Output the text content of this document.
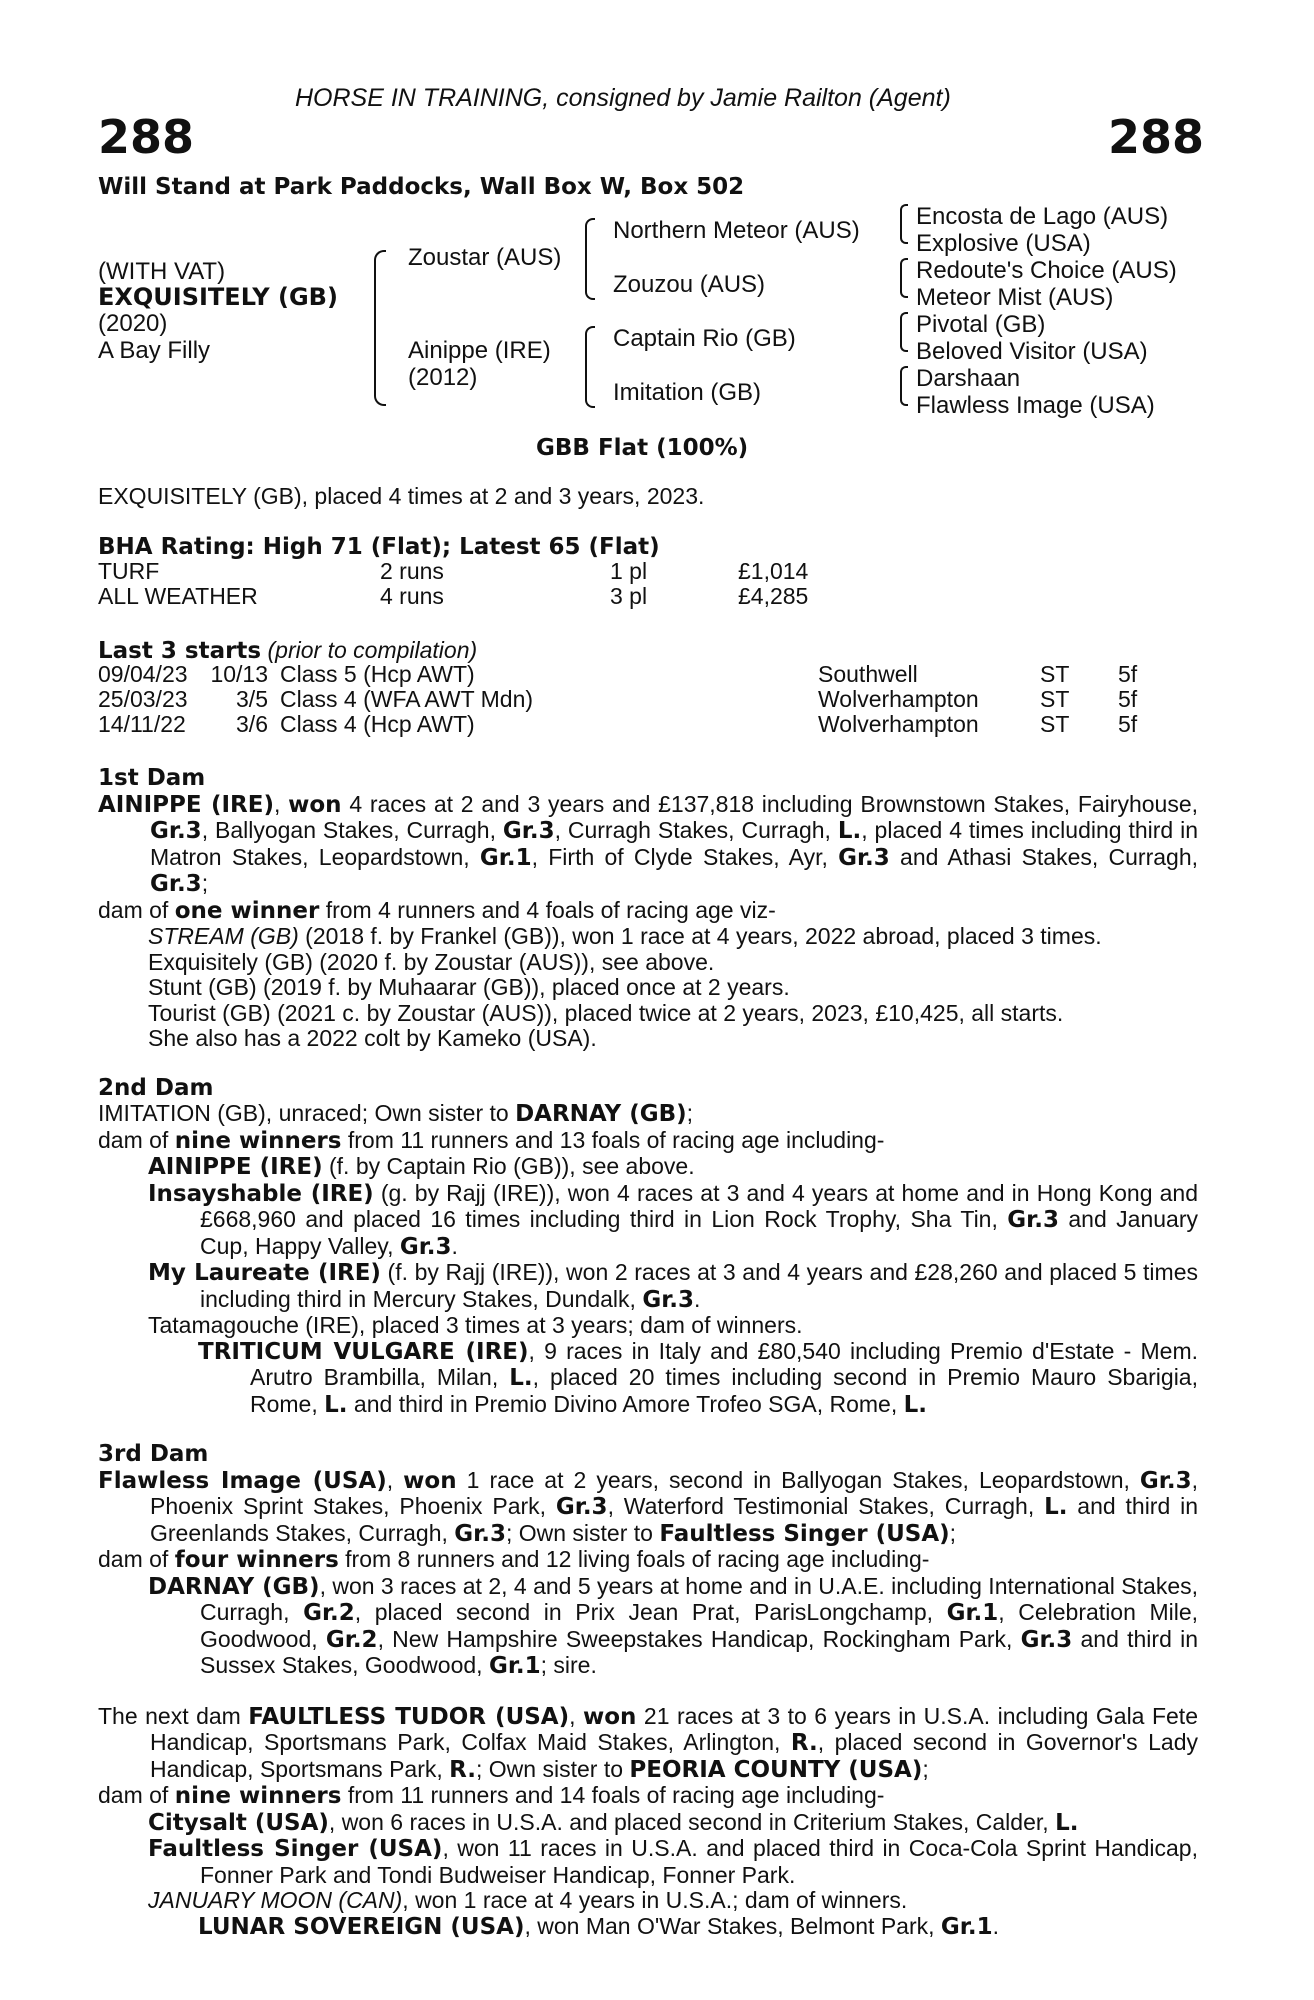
HORSE IN TRAINING, consigned by Jamie Railton (Agent)
288	288
Will Stand at Park Paddocks, Wall Box W, Box 502
(WITH VAT)
EXQUISITELY (GB)
(2020)
A Bay Filly
Zoustar (AUS)
Ainippe (IRE)
(2012)
Northern Meteor (AUS)
Zouzou (AUS)
Captain Rio (GB)
Imitation (GB)
Encosta de Lago (AUS)
Explosive (USA)
Redoute's Choice (AUS)
Meteor Mist (AUS)
Pivotal (GB)
Beloved Visitor (USA)
Darshaan
Flawless Image (USA)
GBB Flat (100%)
EXQUISITELY (GB), placed 4 times at 2 and 3 years, 2023.
BHA Rating: High 71 (Flat); Latest 65 (Flat)
TURF	2 runs	1 pl	£1,014
ALL WEATHER	4 runs	3 pl	£4,285
Last 3 starts (prior to compilation)
09/04/23	10/13	Class 5 (Hcp AWT)	Southwell	ST	5f
25/03/23	3/5	Class 4 (WFA AWT Mdn)	Wolverhampton	ST	5f
14/11/22	3/6	Class 4 (Hcp AWT)	Wolverhampton	ST	5f
1st Dam
AINIPPE (IRE), won 4 races at 2 and 3 years and £137,818 including Brownstown Stakes, Fairyhouse, Gr.3, Ballyogan Stakes, Curragh, Gr.3, Curragh Stakes, Curragh, L., placed 4 times including third in Matron Stakes, Leopardstown, Gr.1, Firth of Clyde Stakes, Ayr, Gr.3 and Athasi Stakes, Curragh, Gr.3;
dam of one winner from 4 runners and 4 foals of racing age viz-
STREAM (GB) (2018 f. by Frankel (GB)), won 1 race at 4 years, 2022 abroad, placed 3 times.
Exquisitely (GB) (2020 f. by Zoustar (AUS)), see above.
Stunt (GB) (2019 f. by Muhaarar (GB)), placed once at 2 years.
Tourist (GB) (2021 c. by Zoustar (AUS)), placed twice at 2 years, 2023, £10,425, all starts.
She also has a 2022 colt by Kameko (USA).
2nd Dam
IMITATION (GB), unraced; Own sister to DARNAY (GB);
dam of nine winners from 11 runners and 13 foals of racing age including-
AINIPPE (IRE) (f. by Captain Rio (GB)), see above.
Insayshable (IRE) (g. by Rajj (IRE)), won 4 races at 3 and 4 years at home and in Hong Kong and £668,960 and placed 16 times including third in Lion Rock Trophy, Sha Tin, Gr.3 and January Cup, Happy Valley, Gr.3.
My Laureate (IRE) (f. by Rajj (IRE)), won 2 races at 3 and 4 years and £28,260 and placed 5 times including third in Mercury Stakes, Dundalk, Gr.3.
Tatamagouche (IRE), placed 3 times at 3 years; dam of winners.
TRITICUM VULGARE (IRE), 9 races in Italy and £80,540 including Premio d'Estate - Mem. Arutro Brambilla, Milan, L., placed 20 times including second in Premio Mauro Sbarigia, Rome, L. and third in Premio Divino Amore Trofeo SGA, Rome, L.
3rd Dam
Flawless Image (USA), won 1 race at 2 years, second in Ballyogan Stakes, Leopardstown, Gr.3, Phoenix Sprint Stakes, Phoenix Park, Gr.3, Waterford Testimonial Stakes, Curragh, L. and third in Greenlands Stakes, Curragh, Gr.3; Own sister to Faultless Singer (USA);
dam of four winners from 8 runners and 12 living foals of racing age including-
DARNAY (GB), won 3 races at 2, 4 and 5 years at home and in U.A.E. including International Stakes, Curragh, Gr.2, placed second in Prix Jean Prat, ParisLongchamp, Gr.1, Celebration Mile, Goodwood, Gr.2, New Hampshire Sweepstakes Handicap, Rockingham Park, Gr.3 and third in Sussex Stakes, Goodwood, Gr.1; sire.
The next dam FAULTLESS TUDOR (USA), won 21 races at 3 to 6 years in U.S.A. including Gala Fete Handicap, Sportsmans Park, Colfax Maid Stakes, Arlington, R., placed second in Governor's Lady Handicap, Sportsmans Park, R.; Own sister to PEORIA COUNTY (USA);
dam of nine winners from 11 runners and 14 foals of racing age including-
Citysalt (USA), won 6 races in U.S.A. and placed second in Criterium Stakes, Calder, L.
Faultless Singer (USA), won 11 races in U.S.A. and placed third in Coca-Cola Sprint Handicap, Fonner Park and Tondi Budweiser Handicap, Fonner Park.
JANUARY MOON (CAN), won 1 race at 4 years in U.S.A.; dam of winners.
LUNAR SOVEREIGN (USA), won Man O'War Stakes, Belmont Park, Gr.1.
